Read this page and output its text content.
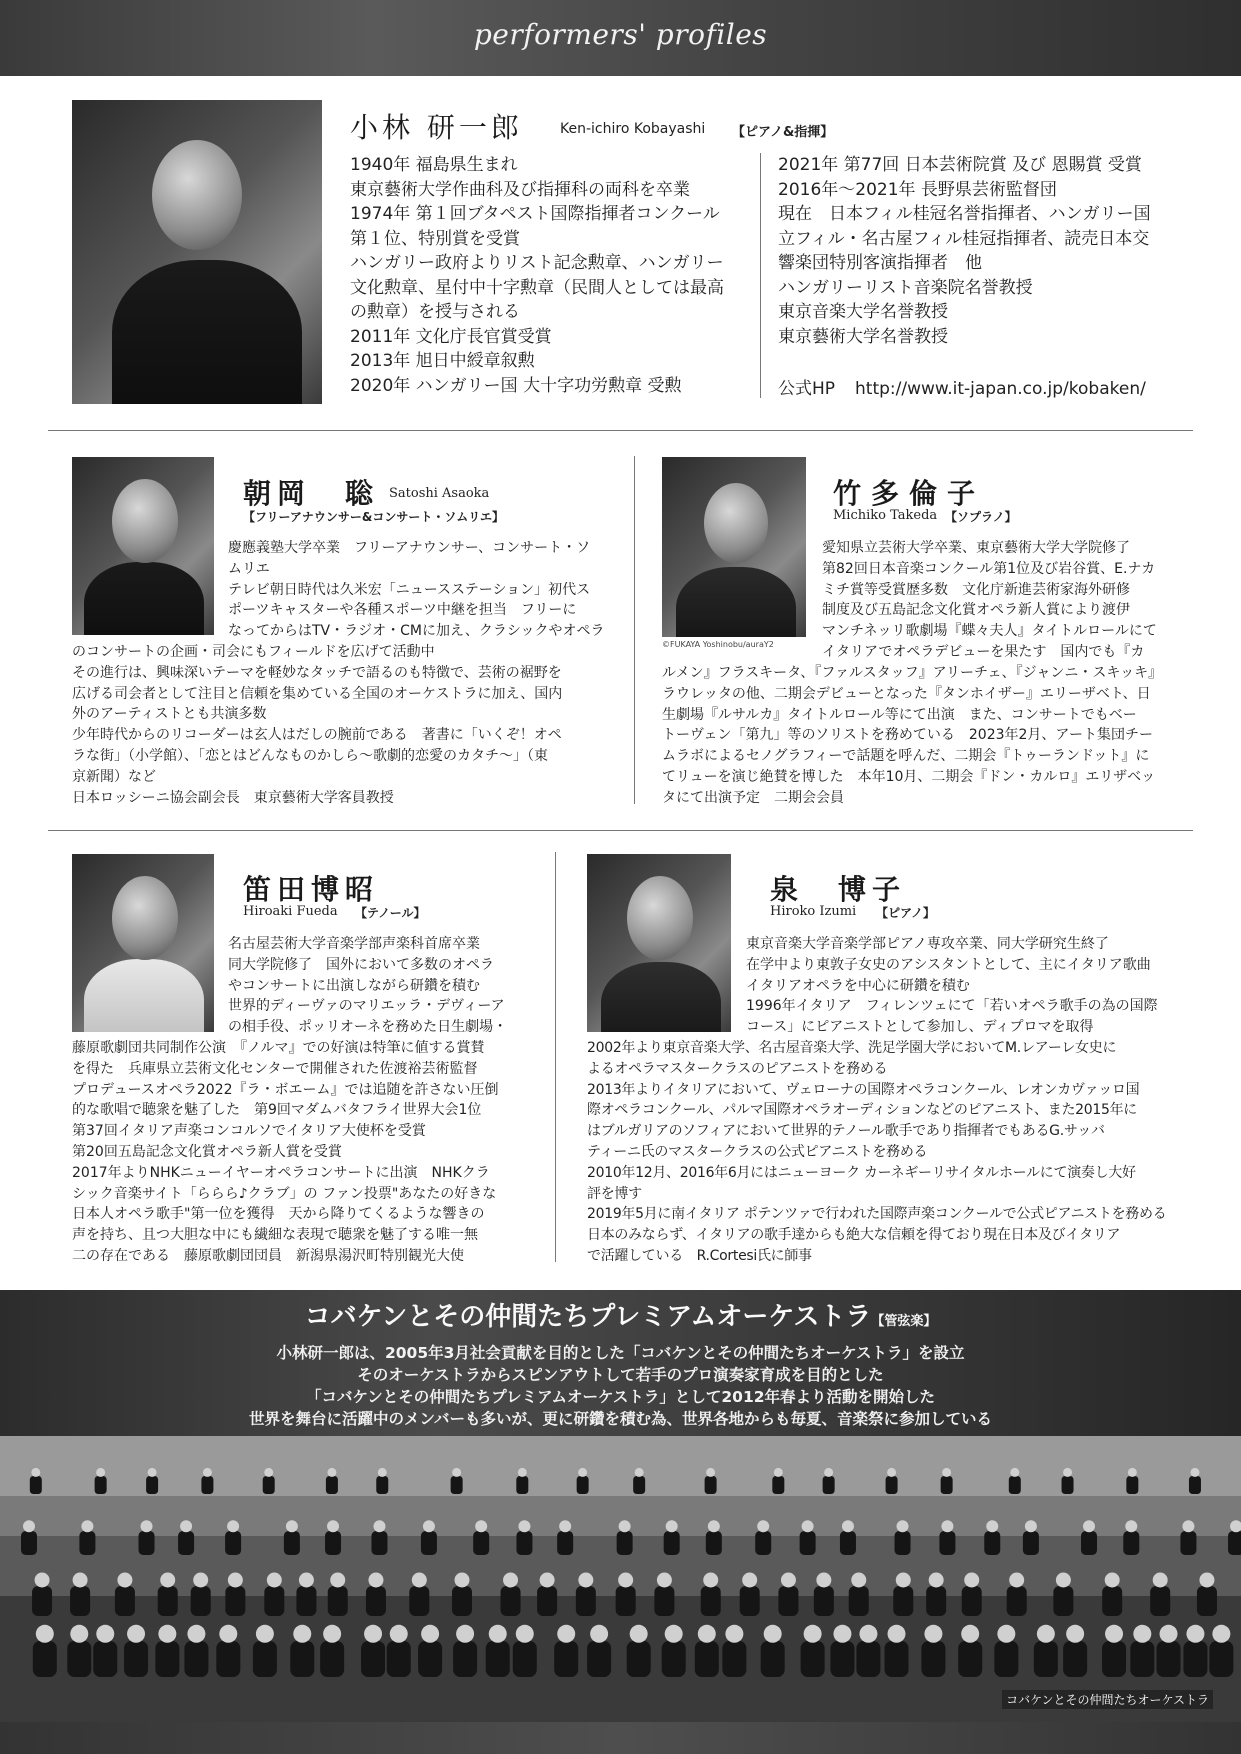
performers' profiles
小林 研一郎	Ken-ichiro Kobayashi 【ピアノ&指揮】
1940年 福島県生まれ
東京藝術大学作曲科及び指揮科の両科を卒業
1974年 第１回ブタペスト国際指揮者コンクール
第１位、特別賞を受賞
ハンガリー政府よりリスト記念勲章、ハンガリー
文化勲章、星付中十字勲章（民間人としては最高
の勲章）を授与される
2011年 文化庁長官賞受賞
2013年 旭日中綬章叙勲
2020年 ハンガリー国 大十字功労勲章 受勲
2021年 第77回 日本芸術院賞 及び 恩賜賞 受賞
2016年〜2021年 長野県芸術監督団
現在　日本フィル桂冠名誉指揮者、ハンガリー国
立フィル・名古屋フィル桂冠指揮者、読売日本交
響楽団特別客演指揮者　他
ハンガリーリスト音楽院名誉教授
東京音楽大学名誉教授
東京藝術大学名誉教授
公式HP http://www.it-japan.co.jp/kobaken/
朝岡　聡 Satoshi Asaoka
【フリーアナウンサー&コンサート・ソムリエ】
慶應義塾大学卒業　フリーアナウンサー、コンサート・ソ
ムリエ
テレビ朝日時代は久米宏「ニュースステーション」初代ス
ポーツキャスターや各種スポーツ中継を担当　フリーに
なってからはTV・ラジオ・CMに加え、クラシックやオペラ
のコンサートの企画・司会にもフィールドを広げて活動中
その進行は、興味深いテーマを軽妙なタッチで語るのも特徴で、芸術の裾野を
広げる司会者として注目と信頼を集めている全国のオーケストラに加え、国内
外のアーティストとも共演多数
少年時代からのリコーダーは玄人はだしの腕前である　著書に「いくぞ！オペ
ラな街」（小学館）、「恋とはどんなものかしら〜歌劇的恋愛のカタチ〜」（東
京新聞）など
日本ロッシーニ協会副会長　東京藝術大学客員教授
©FUKAYA Yoshinobu/auraY2
竹多倫子
Michiko Takeda 【ソプラノ】
愛知県立芸術大学卒業、東京藝術大学大学院修了
第82回日本音楽コンクール第1位及び岩谷賞、E.ナカ
ミチ賞等受賞歴多数　文化庁新進芸術家海外研修
制度及び五島記念文化賞オペラ新人賞により渡伊
マンチネッリ歌劇場『蝶々夫人』タイトルロールにて
イタリアでオペラデビューを果たす　国内でも『カ
ルメン』フラスキータ、『ファルスタッフ』アリーチェ、『ジャンニ・スキッキ』
ラウレッタの他、二期会デビューとなった『タンホイザー』エリーザベト、日
生劇場『ルサルカ』タイトルロール等にて出演　また、コンサートでもベー
トーヴェン「第九」等のソリストを務めている　2023年2月、アート集団チー
ムラボによるセノグラフィーで話題を呼んだ、二期会『トゥーランドット』に
てリューを演じ絶賛を博した　本年10月、二期会『ドン・カルロ』エリザベッ
タにて出演予定　二期会会員
笛田博昭
Hiroaki Fueda 【テノール】
名古屋芸術大学音楽学部声楽科首席卒業
同大学院修了　国外において多数のオペラ
やコンサートに出演しながら研鑽を積む
世界的ディーヴァのマリエッラ・デヴィーア
の相手役、ポッリオーネを務めた日生劇場・
藤原歌劇団共同制作公演　『ノルマ』での好演は特筆に値する賞賛
を得た　兵庫県立芸術文化センターで開催された佐渡裕芸術監督
プロデュースオペラ2022『ラ・ボエーム』では追随を許さない圧倒
的な歌唱で聴衆を魅了した　第9回マダムバタフライ世界大会1位
第37回イタリア声楽コンコルソでイタリア大使杯を受賞
第20回五島記念文化賞オペラ新人賞を受賞
2017年よりNHKニューイヤーオペラコンサートに出演　NHKクラ
シック音楽サイト「ららら♪クラブ」の ファン投票"あなたの好きな
日本人オペラ歌手"第一位を獲得　天から降りてくるような響きの
声を持ち、且つ大胆な中にも繊細な表現で聴衆を魅了する唯一無
二の存在である　藤原歌劇団団員　新潟県湯沢町特別観光大使
泉　博子
Hiroko Izumi 【ピアノ】
東京音楽大学音楽学部ピアノ専攻卒業、同大学研究生終了
在学中より東敦子女史のアシスタントとして、主にイタリア歌曲
イタリアオペラを中心に研鑽を積む
1996年イタリア　フィレンツェにて「若いオペラ歌手の為の国際
コース」にピアニストとして参加し、ディプロマを取得
2002年より東京音楽大学、名古屋音楽大学、洗足学園大学においてM.レアーレ女史に
よるオペラマスタークラスのピアニストを務める
2013年よりイタリアにおいて、ヴェローナの国際オペラコンクール、レオンカヴァッロ国
際オペラコンクール、パルマ国際オペラオーディションなどのピアニスト、また2015年に
はブルガリアのソフィアにおいて世界的テノール歌手であり指揮者でもあるG.サッバ
ティーニ氏のマスタークラスの公式ピアニストを務める
2010年12月、2016年6月にはニューヨーク カーネギーリサイタルホールにて演奏し大好
評を博す
2019年5月に南イタリア ポテンツァで行われた国際声楽コンクールで公式ピアニストを務める
日本のみならず、イタリアの歌手達からも絶大な信頼を得ており現在日本及びイタリア
で活躍している　R.Cortesi氏に師事
コバケンとその仲間たちプレミアムオーケストラ【管弦楽】
小林研一郎は、2005年3月社会貢献を目的とした「コバケンとその仲間たちオーケストラ」を設立
そのオーケストラからスピンアウトして若手のプロ演奏家育成を目的とした
「コバケンとその仲間たちプレミアムオーケストラ」として2012年春より活動を開始した
世界を舞台に活躍中のメンバーも多いが、更に研鑽を積む為、世界各地からも毎夏、音楽祭に参加している
コバケンとその仲間たちオーケストラ
